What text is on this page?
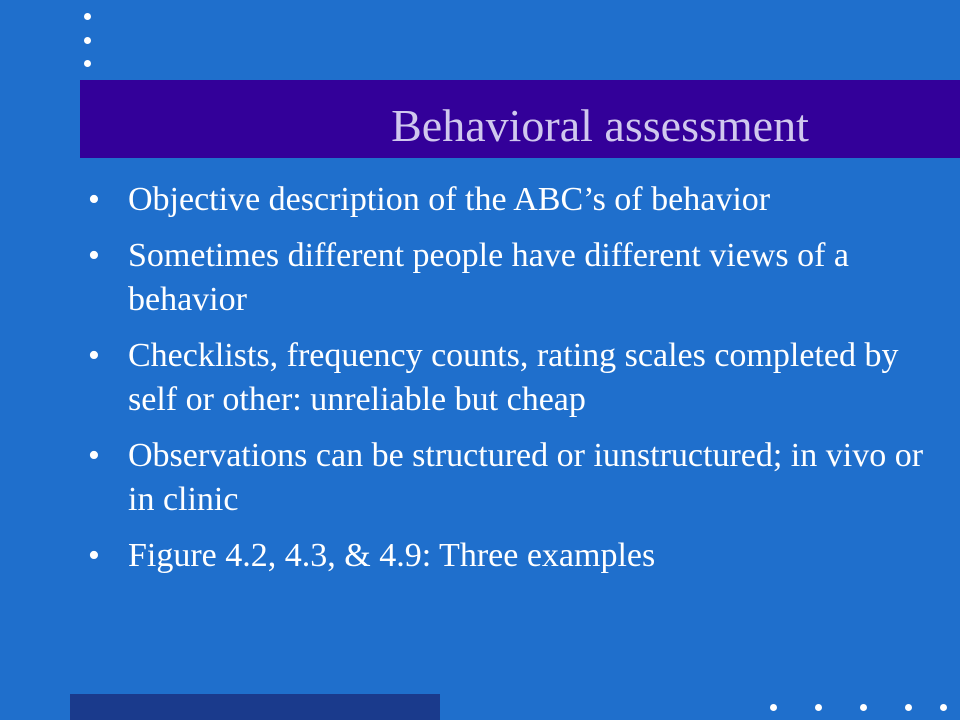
Behavioral assessment
• Objective description of the ABC’s of behavior
• Sometimes different people have different views of a behavior
• Checklists, frequency counts, rating scales completed by self or other: unreliable but cheap
• Observations can be structured or iunstructured; in vivo or in clinic
• Figure 4.2, 4.3, & 4.9: Three examples
